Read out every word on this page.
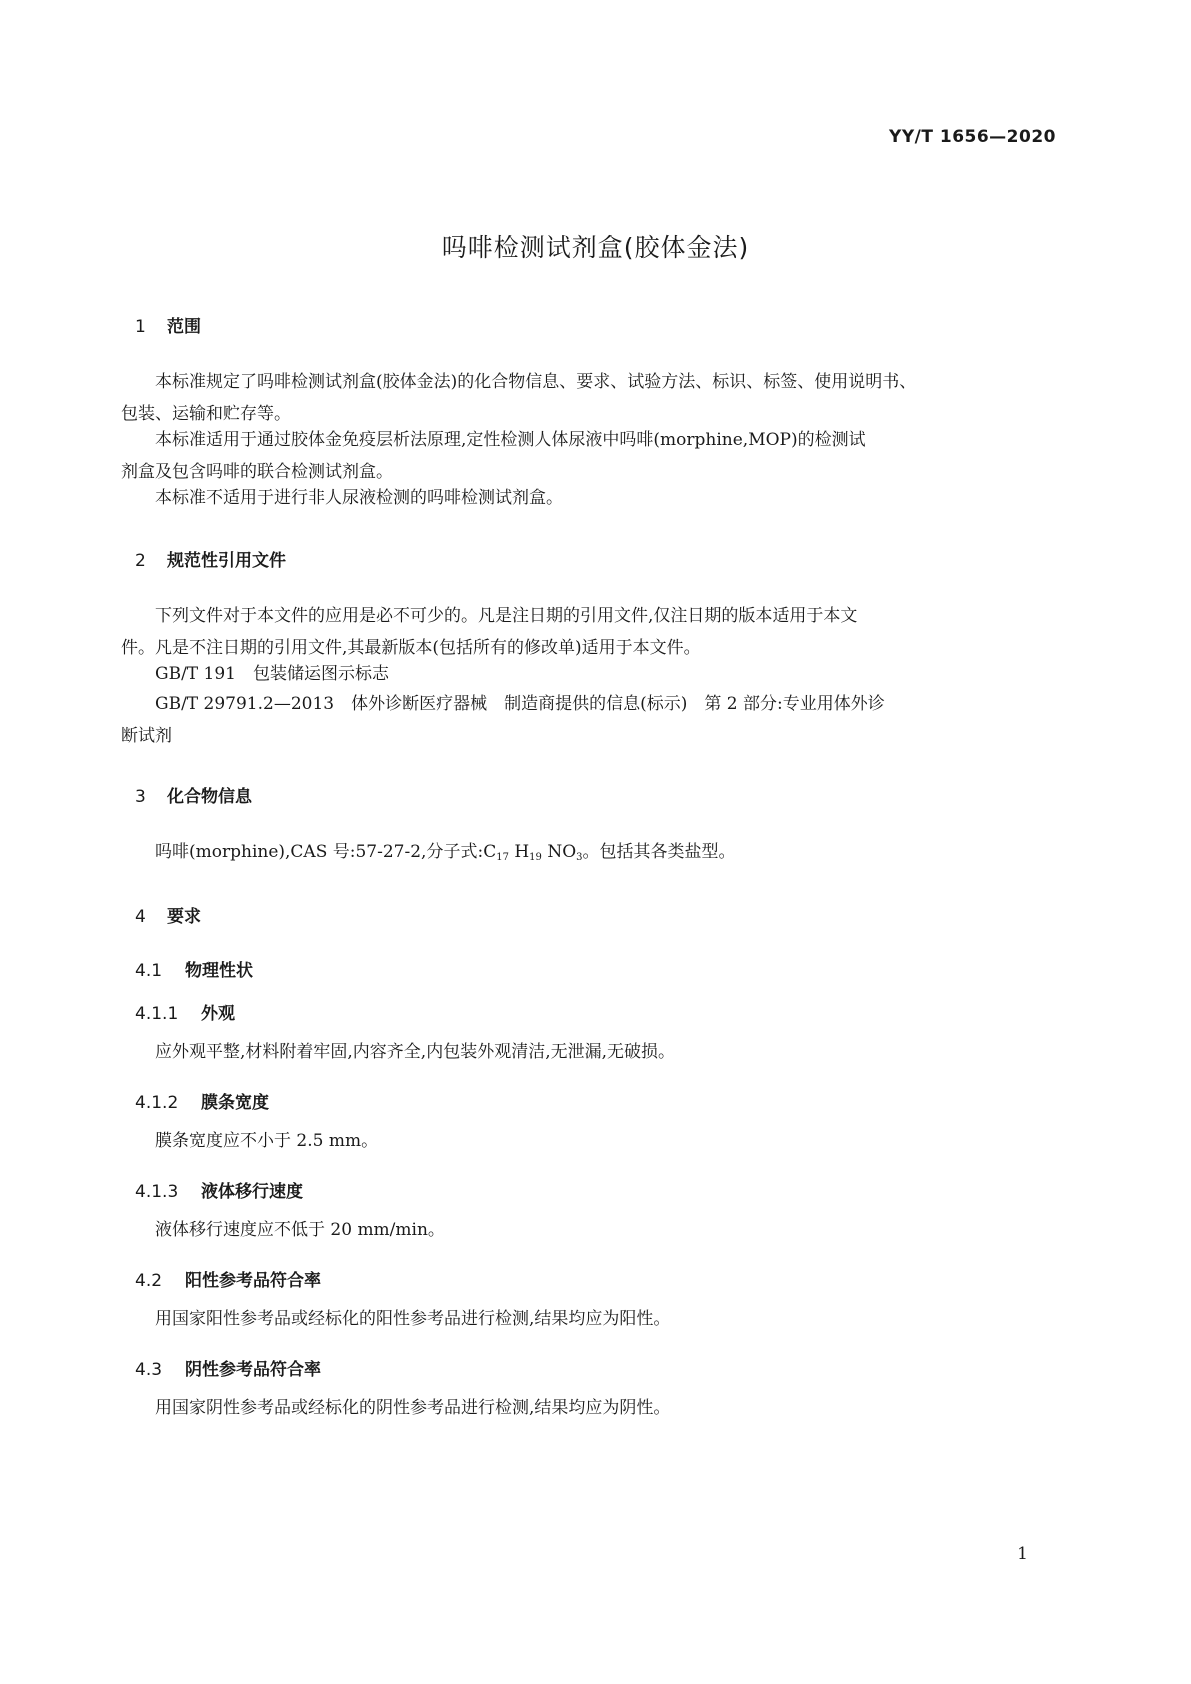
YY/T 1656—2020
吗啡检测试剂盒(胶体金法)
1 范围
本标准规定了吗啡检测试剂盒(胶体金法)的化合物信息、要求、试验方法、标识、标签、使用说明书、
包装、运输和贮存等。
本标准适用于通过胶体金免疫层析法原理,定性检测人体尿液中吗啡(morphine,MOP)的检测试
剂盒及包含吗啡的联合检测试剂盒。
本标准不适用于进行非人尿液检测的吗啡检测试剂盒。
2 规范性引用文件
下列文件对于本文件的应用是必不可少的。凡是注日期的引用文件,仅注日期的版本适用于本文
件。凡是不注日期的引用文件,其最新版本(包括所有的修改单)适用于本文件。
GB/T 191　包装储运图示标志
GB/T 29791.2—2013　体外诊断医疗器械　制造商提供的信息(标示)　第 2 部分:专业用体外诊
断试剂
3 化合物信息
吗啡(morphine),CAS 号:57-27-2,分子式$:C_{17}$ $H_{19}$ $NO_3$。包括其各类盐型。
4 要求
4.1 物理性状
4.1.1 外观
应外观平整,材料附着牢固,内容齐全,内包装外观清洁,无泄漏,无破损。
4.1.2 膜条宽度
膜条宽度应不小于 2.5 mm。
4.1.3 液体移行速度
液体移行速度应不低于 20 mm/min。
4.2 阳性参考品符合率
用国家阳性参考品或经标化的阳性参考品进行检测,结果均应为阳性。
4.3 阴性参考品符合率
用国家阴性参考品或经标化的阴性参考品进行检测,结果均应为阴性。
1
